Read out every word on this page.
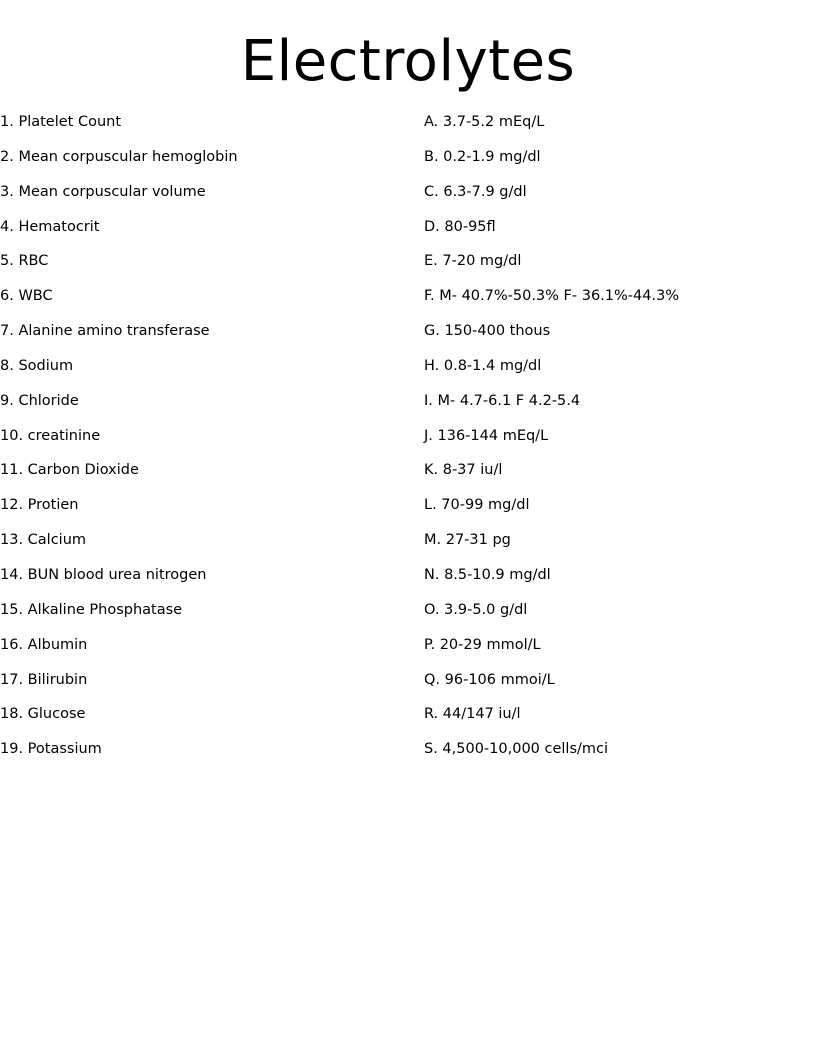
Electrolytes
1. Platelet Count
2. Mean corpuscular hemoglobin
3. Mean corpuscular volume
4. Hematocrit
5. RBC
6. WBC
7. Alanine amino transferase
8. Sodium
9. Chloride
10. creatinine
11. Carbon Dioxide
12. Protien
13. Calcium
14. BUN blood urea nitrogen
15. Alkaline Phosphatase
16. Albumin
17. Bilirubin
18. Glucose
19. Potassium
A. 3.7-5.2 mEq/L
B. 0.2-1.9 mg/dl
C. 6.3-7.9 g/dl
D. 80-95fl
E. 7-20 mg/dl
F. M- 40.7%-50.3% F- 36.1%-44.3%
G. 150-400 thous
H. 0.8-1.4 mg/dl
I. M- 4.7-6.1 F 4.2-5.4
J. 136-144 mEq/L
K. 8-37 iu/l
L. 70-99 mg/dl
M. 27-31 pg
N. 8.5-10.9 mg/dl
O. 3.9-5.0 g/dl
P. 20-29 mmol/L
Q. 96-106 mmoi/L
R. 44/147 iu/l
S. 4,500-10,000 cells/mci
